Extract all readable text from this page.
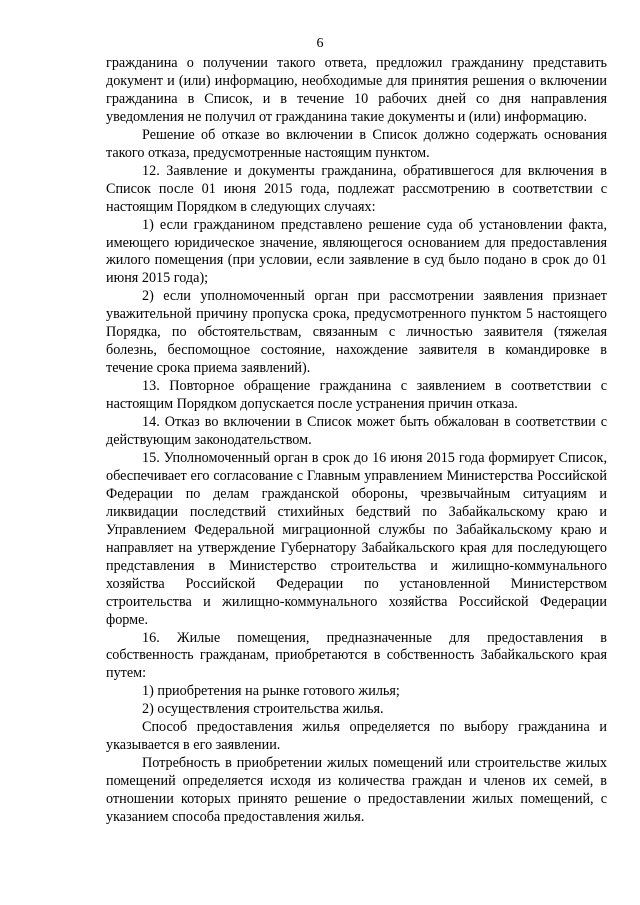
6

гражданина о получении такого ответа, предложил гражданину представить документ и (или) информацию, необходимые для принятия решения о включении гражданина в Список, и в течение 10 рабочих дней со дня направления уведомления не получил от гражданина такие документы и (или) информацию.

Решение об отказе во включении в Список должно содержать основания такого отказа, предусмотренные настоящим пунктом.

12. Заявление и документы гражданина, обратившегося для включения в Список после 01 июня 2015 года, подлежат рассмотрению в соответствии с настоящим Порядком в следующих случаях:

1) если гражданином представлено решение суда об установлении факта, имеющего юридическое значение, являющегося основанием для предоставления жилого помещения (при условии, если заявление в суд было подано в срок до 01 июня 2015 года);

2) если уполномоченный орган при рассмотрении заявления признает уважительной причину пропуска срока, предусмотренного пунктом 5 настоящего Порядка, по обстоятельствам, связанным с личностью заявителя (тяжелая болезнь, беспомощное состояние, нахождение заявителя в командировке в течение срока приема заявлений).

13. Повторное обращение гражданина с заявлением в соответствии с настоящим Порядком допускается после устранения причин отказа.

14. Отказ во включении в Список может быть обжалован в соответствии с действующим законодательством.

15. Уполномоченный орган в срок до 16 июня 2015 года формирует Список, обеспечивает его согласование с Главным управлением Министерства Российской Федерации по делам гражданской обороны, чрезвычайным ситуациям и ликвидации последствий стихийных бедствий по Забайкальскому краю и Управлением Федеральной миграционной службы по Забайкальскому краю и направляет на утверждение Губернатору Забайкальского края для последующего представления в Министерство строительства и жилищно-коммунального хозяйства Российской Федерации по установленной Министерством строительства и жилищно-коммунального хозяйства Российской Федерации форме.

16. Жилые помещения, предназначенные для предоставления в собственность гражданам, приобретаются в собственность Забайкальского края путем:

1) приобретения на рынке готового жилья;

2) осуществления строительства жилья.

Способ предоставления жилья определяется по выбору гражданина и указывается в его заявлении.

Потребность в приобретении жилых помещений или строительстве жилых помещений определяется исходя из количества граждан и членов их семей, в отношении которых принято решение о предоставлении жилых помещений, с указанием способа предоставления жилья.
